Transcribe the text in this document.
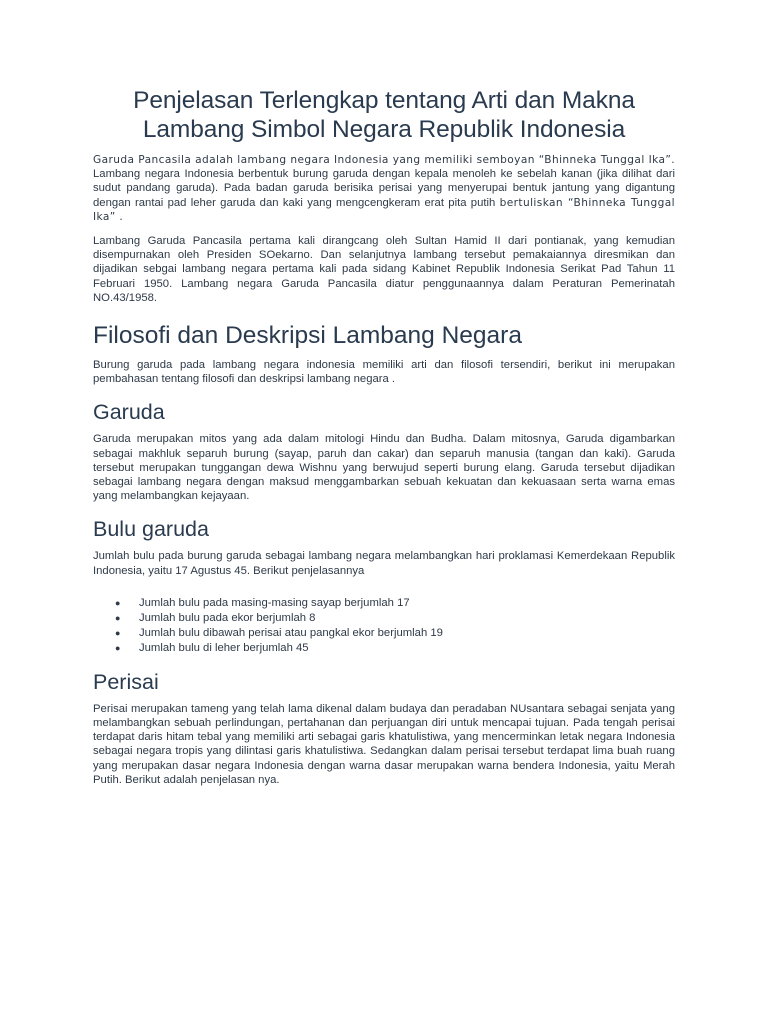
Penjelasan Terlengkap tentang Arti dan Makna Lambang Simbol Negara Republik Indonesia

Garuda Pancasila adalah lambang negara Indonesia yang memiliki semboyan “Bhinneka Tunggal Ika”. Lambang negara Indonesia berbentuk burung garuda dengan kepala menoleh ke sebelah kanan (jika dilihat dari sudut pandang garuda). Pada badan garuda berisika perisai yang menyerupai bentuk jantung yang digantung dengan rantai pad leher garuda dan kaki yang mengcengkeram erat pita putih bertuliskan “Bhinneka Tunggal Ika” .

Lambang Garuda Pancasila pertama kali dirangcang oleh Sultan Hamid II dari pontianak, yang kemudian disempurnakan oleh Presiden SOekarno. Dan selanjutnya lambang tersebut pemakaiannya diresmikan dan dijadikan sebgai lambang negara pertama kali pada sidang Kabinet Republik Indonesia Serikat Pad Tahun 11 Februari 1950. Lambang negara Garuda Pancasila diatur penggunaannya dalam Peraturan Pemerinatah NO.43/1958.

Filosofi dan Deskripsi Lambang Negara

Burung garuda pada lambang negara indonesia memiliki arti dan filosofi tersendiri, berikut ini merupakan pembahasan tentang filosofi dan deskripsi lambang negara .

Garuda

Garuda merupakan mitos yang ada dalam mitologi Hindu dan Budha. Dalam mitosnya, Garuda digambarkan sebagai makhluk separuh burung (sayap, paruh dan cakar) dan separuh manusia (tangan dan kaki). Garuda tersebut merupakan tunggangan dewa Wishnu yang berwujud seperti burung elang. Garuda tersebut dijadikan sebagai lambang negara dengan maksud menggambarkan sebuah kekuatan dan kekuasaan serta warna emas yang melambangkan kejayaan.

Bulu garuda

Jumlah bulu pada burung garuda sebagai lambang negara melambangkan hari proklamasi Kemerdekaan Republik Indonesia, yaitu 17 Agustus 45. Berikut penjelasannya

● Jumlah bulu pada masing-masing sayap berjumlah 17
● Jumlah bulu pada ekor berjumlah 8
● Jumlah bulu dibawah perisai atau pangkal ekor berjumlah 19
● Jumlah bulu di leher berjumlah 45
Perisai

Perisai merupakan tameng yang telah lama dikenal dalam budaya dan peradaban NUsantara sebagai senjata yang melambangkan sebuah perlindungan, pertahanan dan perjuangan diri untuk mencapai tujuan. Pada tengah perisai terdapat daris hitam tebal yang memiliki arti sebagai garis khatulistiwa, yang mencerminkan letak negara Indonesia sebagai negara tropis yang dilintasi garis khatulistiwa. Sedangkan dalam perisai tersebut terdapat lima buah ruang yang merupakan dasar negara Indonesia dengan warna dasar merupakan warna bendera Indonesia, yaitu Merah Putih. Berikut adalah penjelasan nya.
